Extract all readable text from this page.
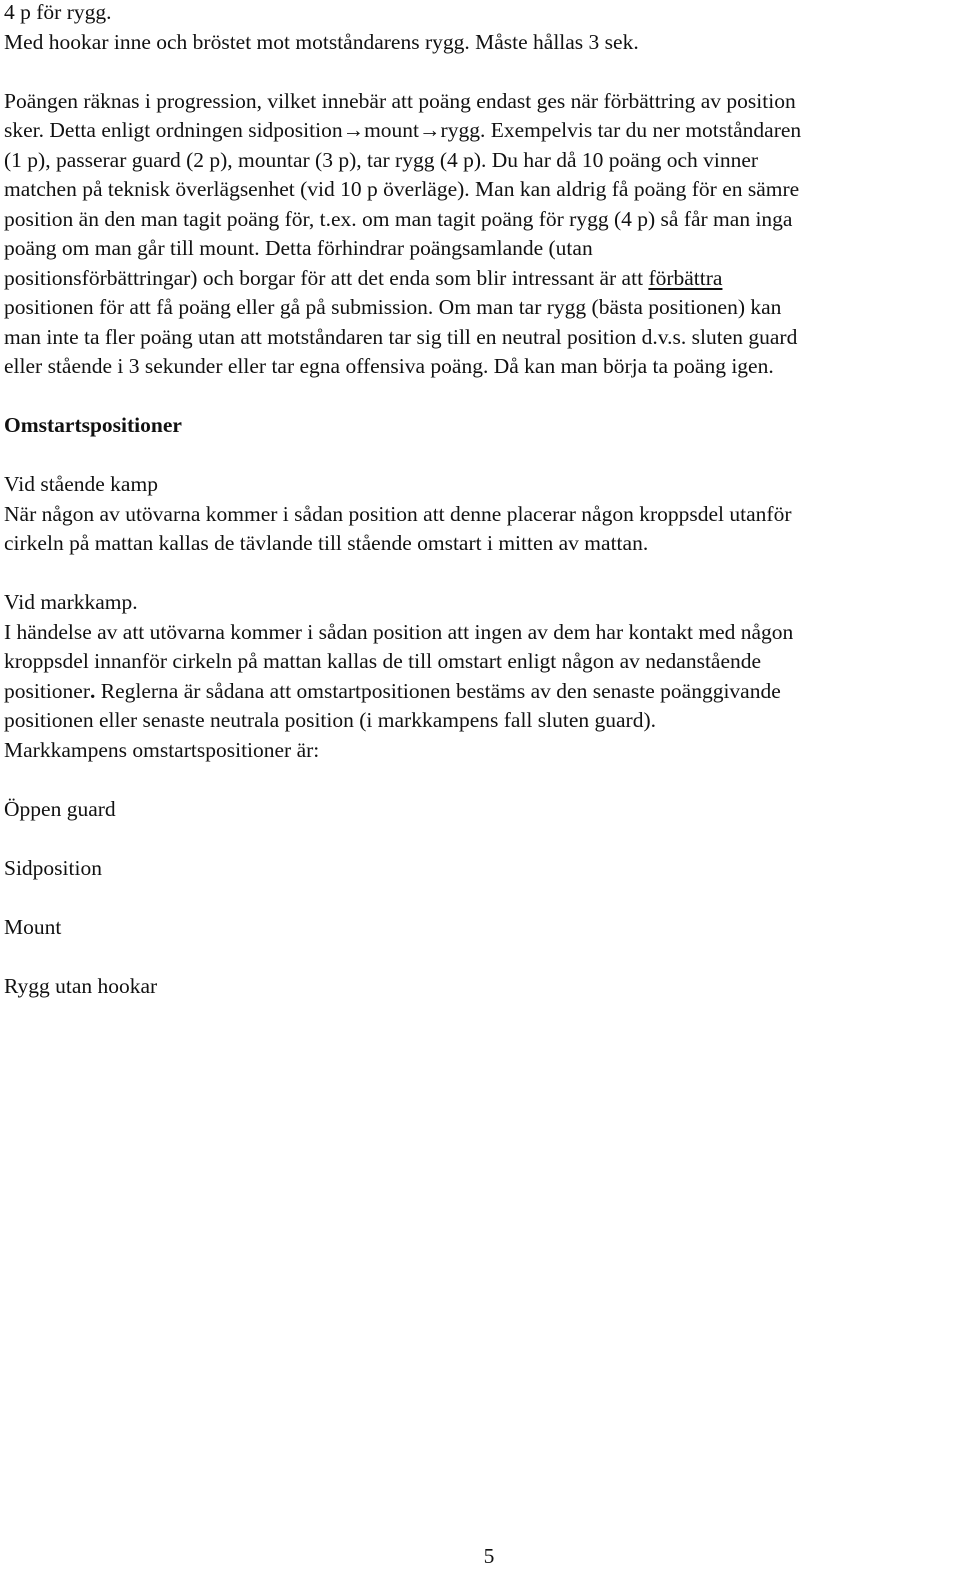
4 p för rygg.
Med hookar inne och bröstet mot motståndarens rygg. Måste hållas 3 sek.
Poängen räknas i progression, vilket innebär att poäng endast ges när förbättring av position
sker. Detta enligt ordningen sidposition→mount→rygg. Exempelvis tar du ner motståndaren
(1 p), passerar guard (2 p), mountar (3 p), tar rygg (4 p). Du har då 10 poäng och vinner
matchen på teknisk överlägsenhet (vid 10 p överläge). Man kan aldrig få poäng för en sämre
position än den man tagit poäng för, t.ex. om man tagit poäng för rygg (4 p) så får man inga
poäng om man går till mount. Detta förhindrar poängsamlande (utan
positionsförbättringar) och borgar för att det enda som blir intressant är att förbättra
positionen för att få poäng eller gå på submission. Om man tar rygg (bästa positionen) kan
man inte ta fler poäng utan att motståndaren tar sig till en neutral position d.v.s. sluten guard
eller stående i 3 sekunder eller tar egna offensiva poäng. Då kan man börja ta poäng igen.
Omstartspositioner
Vid stående kamp
När någon av utövarna kommer i sådan position att denne placerar någon kroppsdel utanför
cirkeln på mattan kallas de tävlande till stående omstart i mitten av mattan.
Vid markkamp.
I händelse av att utövarna kommer i sådan position att ingen av dem har kontakt med någon
kroppsdel innanför cirkeln på mattan kallas de till omstart enligt någon av nedanstående
positioner. Reglerna är sådana att omstartpositionen bestäms av den senaste poänggivande
positionen eller senaste neutrala position (i markkampens fall sluten guard).
Markkampens omstartspositioner är:
Öppen guard
Sidposition
Mount
Rygg utan hookar
5
